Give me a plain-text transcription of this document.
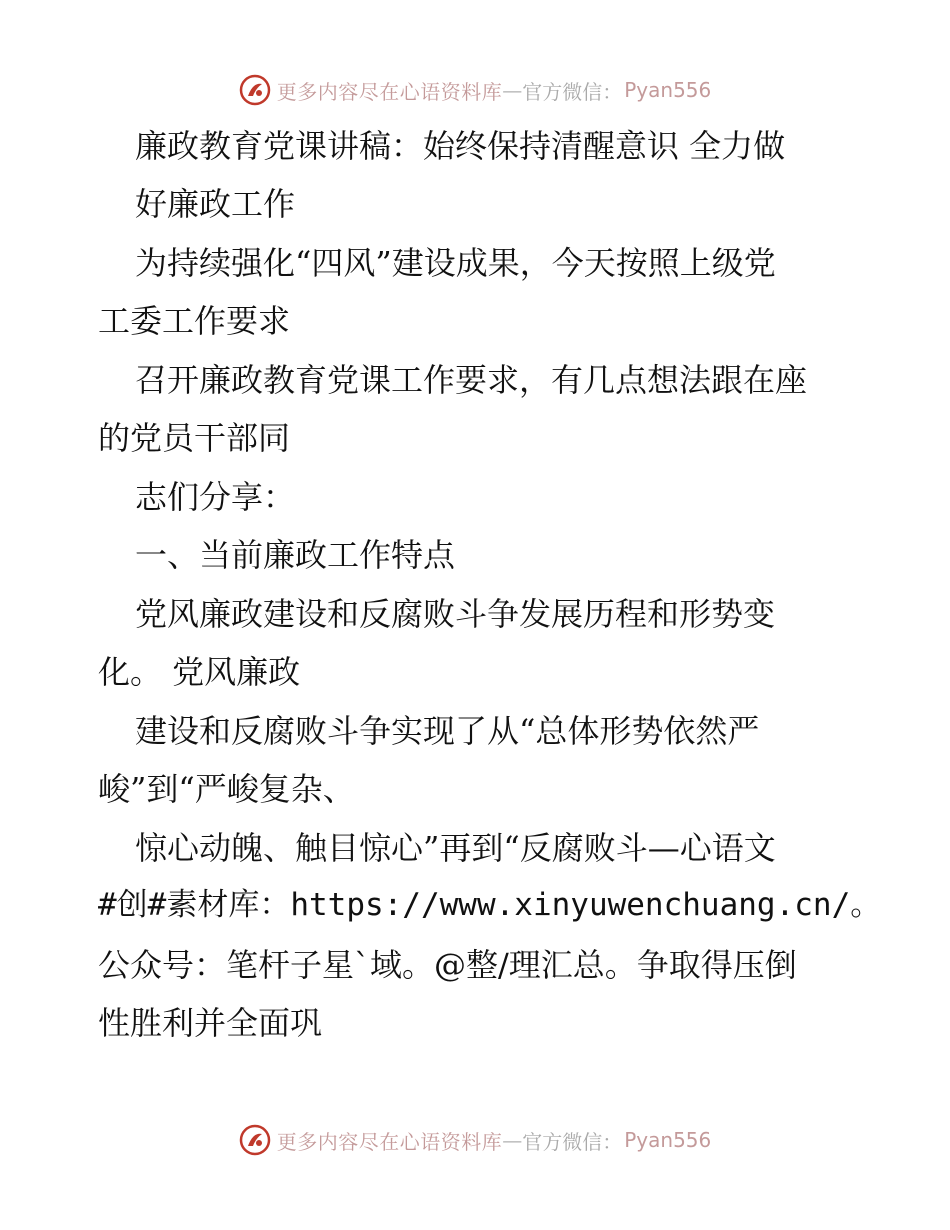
更多内容尽在心语资料库 — 官方微信： Pyan556
廉政教育党课讲稿：始终保持清醒意识 全力做
好廉政工作
为持续强化“四风”建设成果，今天按照上级党
工委工作要求
召开廉政教育党课工作要求，有几点想法跟在座
的党员干部同
志们分享：
一、当前廉政工作特点
党风廉政建设和反腐败斗争发展历程和形势变
化。 党风廉政
建设和反腐败斗争实现了从“总体形势依然严
峻”到“严峻复杂、
惊心动魄、触目惊心”再到“反腐败斗—心语文
#创#素材库：https://www.xinyuwenchuang.cn/。
公众号：笔杆子星`域。@整/理汇总。争取得压倒
性胜利并全面巩
更多内容尽在心语资料库 — 官方微信： Pyan556
